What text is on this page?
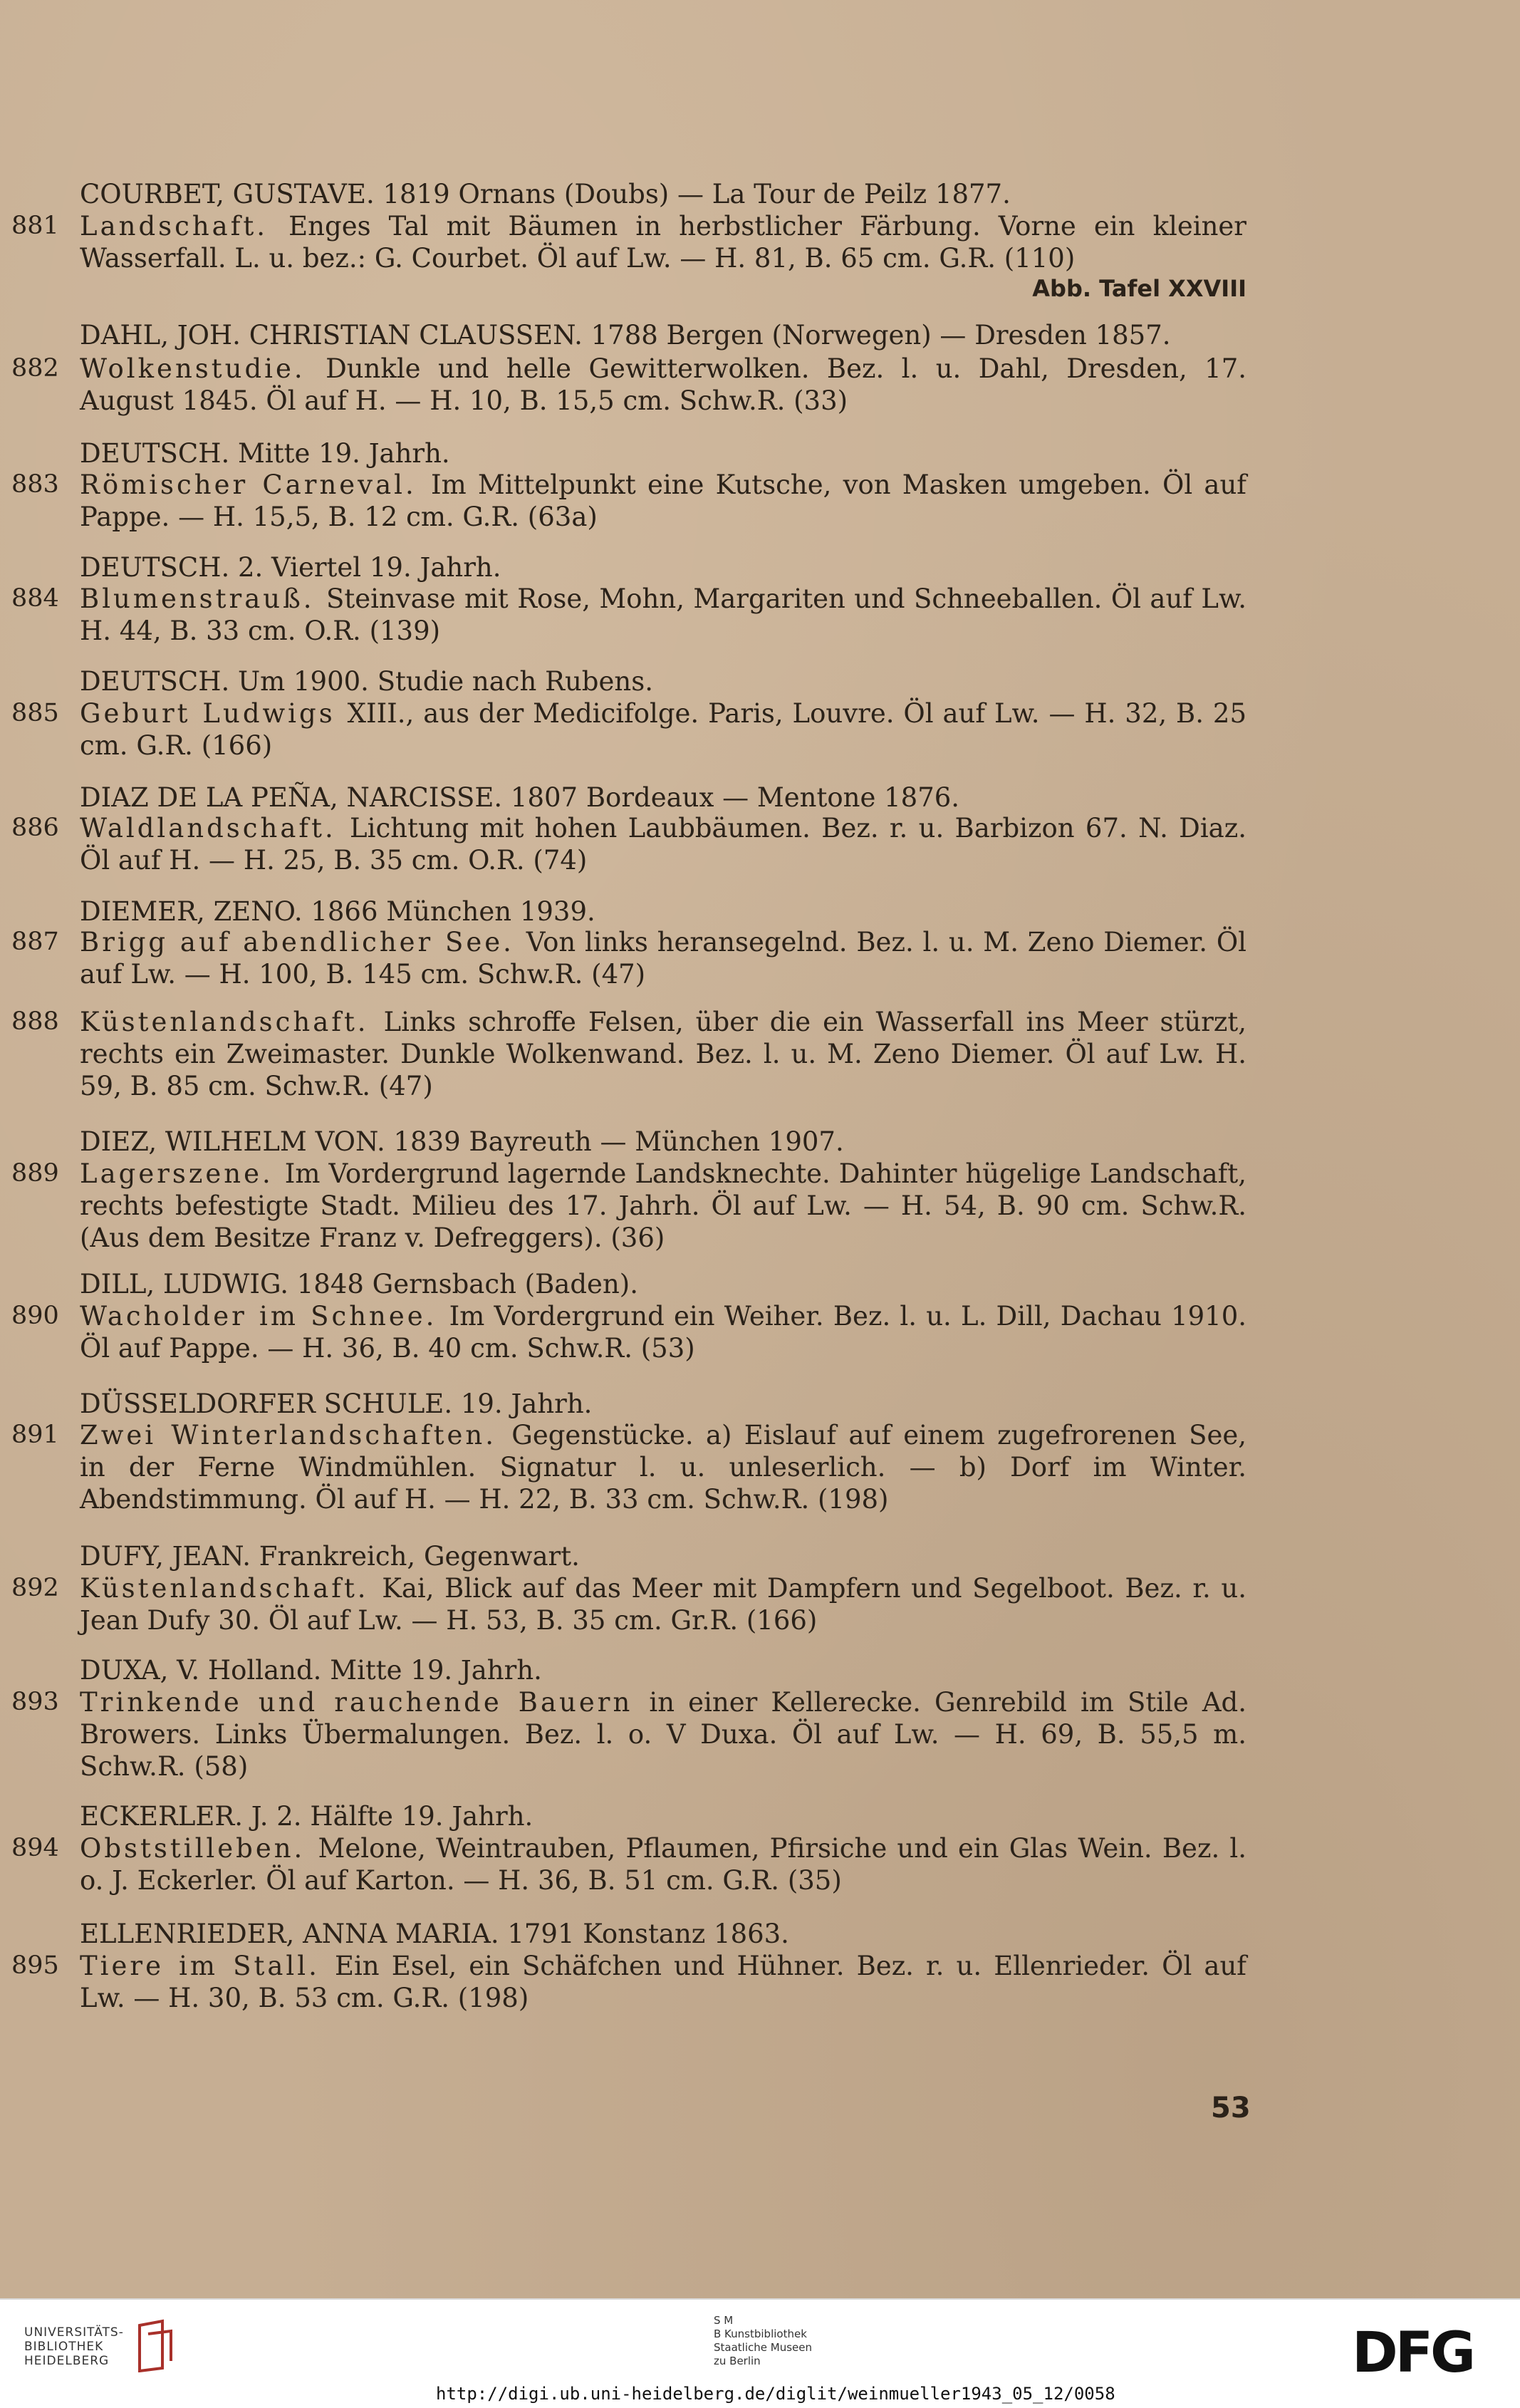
COURBET, GUSTAVE. 1819 Ornans (Doubs) — La Tour de Peilz 1877.
881 Landschaft. Enges Tal mit Bäumen in herbstlicher Färbung. Vorne ein kleiner Wasserfall. L. u. bez.: G. Courbet. Öl auf Lw. — H. 81, B. 65 cm. G.R. (110)
Abb. Tafel XXVIII
DAHL, JOH. CHRISTIAN CLAUSSEN. 1788 Bergen (Norwegen) — Dresden 1857.
882 Wolkenstudie. Dunkle und helle Gewitterwolken. Bez. l. u. Dahl, Dresden, 17. August 1845. Öl auf H. — H. 10, B. 15,5 cm. Schw.R. (33)
DEUTSCH. Mitte 19. Jahrh.
883 Römischer Carneval. Im Mittelpunkt eine Kutsche, von Masken umgeben. Öl auf Pappe. — H. 15,5, B. 12 cm. G.R. (63a)
DEUTSCH. 2. Viertel 19. Jahrh.
884 Blumenstrauß. Steinvase mit Rose, Mohn, Margariten und Schneeballen. Öl auf Lw. H. 44, B. 33 cm. O.R. (139)
DEUTSCH. Um 1900. Studie nach Rubens.
885 Geburt Ludwigs XIII., aus der Medicifolge. Paris, Louvre. Öl auf Lw. — H. 32, B. 25 cm. G.R. (166)
DIAZ DE LA PEÑA, NARCISSE. 1807 Bordeaux — Mentone 1876.
886 Waldlandschaft. Lichtung mit hohen Laubbäumen. Bez. r. u. Barbizon 67. N. Diaz. Öl auf H. — H. 25, B. 35 cm. O.R. (74)
DIEMER, ZENO. 1866 München 1939.
887 Brigg auf abendlicher See. Von links heransegelnd. Bez. l. u. M. Zeno Diemer. Öl auf Lw. — H. 100, B. 145 cm. Schw.R. (47)
888 Küstenlandschaft. Links schroffe Felsen, über die ein Wasserfall ins Meer stürzt, rechts ein Zweimaster. Dunkle Wolkenwand. Bez. l. u. M. Zeno Diemer. Öl auf Lw. H. 59, B. 85 cm. Schw.R. (47)
DIEZ, WILHELM VON. 1839 Bayreuth — München 1907.
889 Lagerszene. Im Vordergrund lagernde Landsknechte. Dahinter hügelige Landschaft, rechts befestigte Stadt. Milieu des 17. Jahrh. Öl auf Lw. — H. 54, B. 90 cm. Schw.R. (Aus dem Besitze Franz v. Defreggers). (36)
DILL, LUDWIG. 1848 Gernsbach (Baden).
890 Wacholder im Schnee. Im Vordergrund ein Weiher. Bez. l. u. L. Dill, Dachau 1910. Öl auf Pappe. — H. 36, B. 40 cm. Schw.R. (53)
DÜSSELDORFER SCHULE. 19. Jahrh.
891 Zwei Winterlandschaften. Gegenstücke. a) Eislauf auf einem zugefrorenen See, in der Ferne Windmühlen. Signatur l. u. unleserlich. — b) Dorf im Winter. Abendstimmung. Öl auf H. — H. 22, B. 33 cm. Schw.R. (198)
DUFY, JEAN. Frankreich, Gegenwart.
892 Küstenlandschaft. Kai, Blick auf das Meer mit Dampfern und Segelboot. Bez. r. u. Jean Dufy 30. Öl auf Lw. — H. 53, B. 35 cm. Gr.R. (166)
DUXA, V. Holland. Mitte 19. Jahrh.
893 Trinkende und rauchende Bauern in einer Kellerecke. Genrebild im Stile Ad. Browers. Links Übermalungen. Bez. l. o. V Duxa. Öl auf Lw. — H. 69, B. 55,5 m. Schw.R. (58)
ECKERLER. J. 2. Hälfte 19. Jahrh.
894 Obststilleben. Melone, Weintrauben, Pflaumen, Pfirsiche und ein Glas Wein. Bez. l. o. J. Eckerler. Öl auf Karton. — H. 36, B. 51 cm. G.R. (35)
ELLENRIEDER, ANNA MARIA. 1791 Konstanz 1863.
895 Tiere im Stall. Ein Esel, ein Schäfchen und Hühner. Bez. r. u. Ellenrieder. Öl auf Lw. — H. 30, B. 53 cm. G.R. (198)
53
UNIVERSITÄTS-
BIBLIOTHEK
HEIDELBERG
S M
B Kunstbibliothek
Staatliche Museen
zu Berlin	DFG
http://digi.ub.uni-heidelberg.de/diglit/weinmueller1943_05_12/0058
